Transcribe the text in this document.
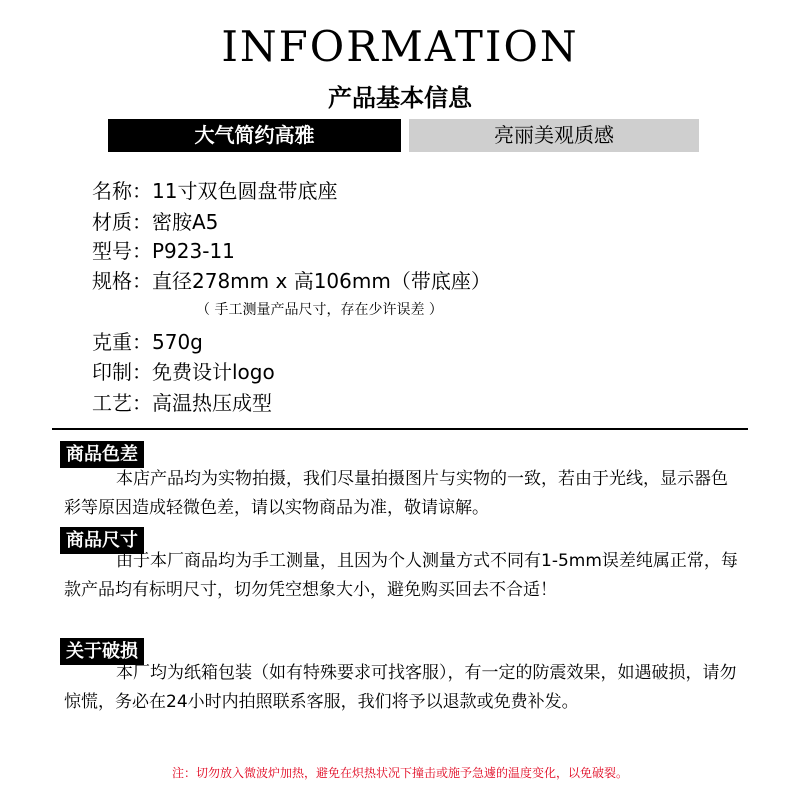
INFORMATION
产品基本信息
大气简约高雅	亮丽美观质感
名称：11寸双色圆盘带底座
材质：密胺A5
型号：P923-11
规格：直径278mm x 高106mm（带底座）
（ 手工测量产品尺寸，存在少许误差 ）
克重：570g
印制：免费设计logo
工艺：高温热压成型
商品色差
本店产品均为实物拍摄，我们尽量拍摄图片与实物的一致，若由于光线，显示器色彩等原因造成轻微色差，请以实物商品为准，敬请谅解。
商品尺寸
由于本厂商品均为手工测量，且因为个人测量方式不同有1-5mm误差纯属正常，每款产品均有标明尺寸，切勿凭空想象大小，避免购买回去不合适！
关于破损
本厂均为纸箱包装（如有特殊要求可找客服），有一定的防震效果，如遇破损，请勿惊慌，务必在24小时内拍照联系客服，我们将予以退款或免费补发。
注：切勿放入微波炉加热，避免在炽热状况下撞击或施予急遽的温度变化，以免破裂。
